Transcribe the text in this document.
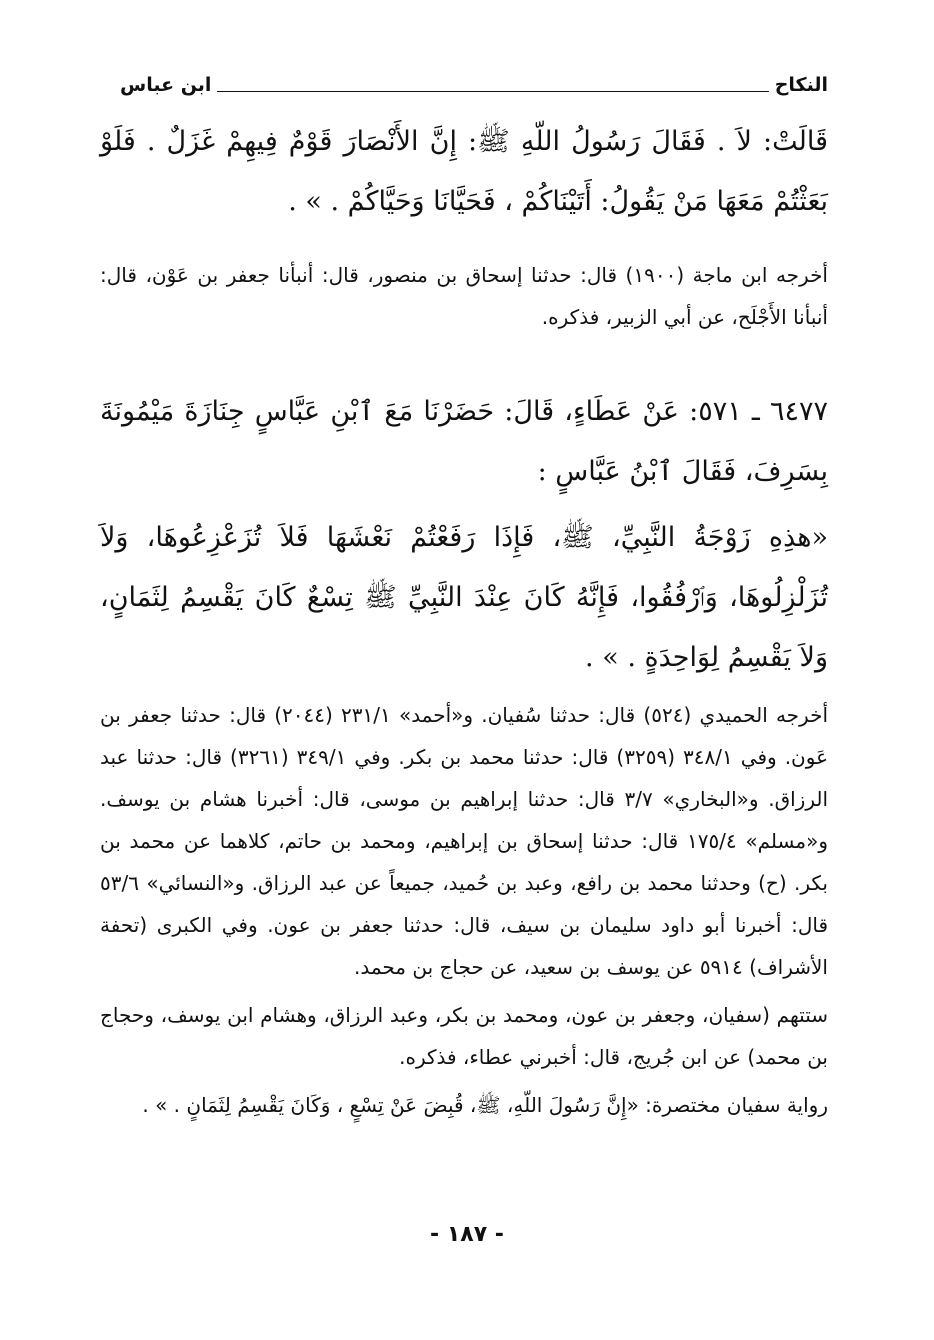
النكاح
ابن عباس

قَالَتْ: لاَ . فَقَالَ رَسُولُ اللّهِ ﷺ: إِنَّ الأَنْصَارَ قَوْمٌ فِيهِمْ غَزَلٌ . فَلَوْ بَعَثْتُمْ مَعَهَا مَنْ يَقُولُ: أَتَيْنَاكُمْ ، فَحَيَّانَا وَحَيَّاكُمْ . » .

أخرجه ابن ماجة (١٩٠٠) قال: حدثنا إسحاق بن منصور، قال: أنبأنا جعفر بن عَوْن، قال: أنبأنا الأَجْلَح، عن أبي الزبير، فذكره.

٦٤٧٧ ـ ٥٧١: عَنْ عَطَاءٍ، قَالَ: حَضَرْنَا مَعَ ٱبْنِ عَبَّاسٍ جِنَازَةَ مَيْمُونَةَ بِسَرِفَ، فَقَالَ ٱبْنُ عَبَّاسٍ :

«هذِهِ زَوْجَةُ النَّبِيِّ، ﷺ، فَإِذَا رَفَعْتُمْ نَعْشَهَا فَلاَ تُزَعْزِعُوهَا، وَلاَ تُزَلْزِلُوهَا، وَٱرْفُقُوا، فَإِنَّهُ كَانَ عِنْدَ النَّبِيِّ ﷺ تِسْعٌ كَانَ يَقْسِمُ لِثَمَانٍ، وَلاَ يَقْسِمُ لِوَاحِدَةٍ . » .

أخرجه الحميدي (٥٢٤) قال: حدثنا سُفيان. و«أحمد» ٢٣١/١ (٢٠٤٤) قال: حدثنا جعفر بن عَون. وفي ٣٤٨/١ (٣٢٥٩) قال: حدثنا محمد بن بكر. وفي ٣٤٩/١ (٣٢٦١) قال: حدثنا عبد الرزاق. و«البخاري» ٣/٧ قال: حدثنا إبراهيم بن موسى، قال: أخبرنا هشام بن يوسف. و«مسلم» ١٧٥/٤ قال: حدثنا إسحاق بن إبراهيم، ومحمد بن حاتم، كلاهما عن محمد بن بكر. (ح) وحدثنا محمد بن رافع، وعبد بن حُميد، جميعاً عن عبد الرزاق. و«النسائي» ٥٣/٦ قال: أخبرنا أبو داود سليمان بن سيف، قال: حدثنا جعفر بن عون. وفي الكبرى (تحفة الأشراف) ٥٩١٤ عن يوسف بن سعيد، عن حجاج بن محمد.

ستتهم (سفيان، وجعفر بن عون، ومحمد بن بكر، وعبد الرزاق، وهشام ابن يوسف، وحجاج بن محمد) عن ابن جُريج، قال: أخبرني عطاء، فذكره.

رواية سفيان مختصرة: «إِنَّ رَسُولَ اللّهِ، ﷺ، قُبِضَ عَنْ تِسْعٍ ، وَكَانَ يَقْسِمُ لِثَمَانٍ . » .

- ١٨٧ -
